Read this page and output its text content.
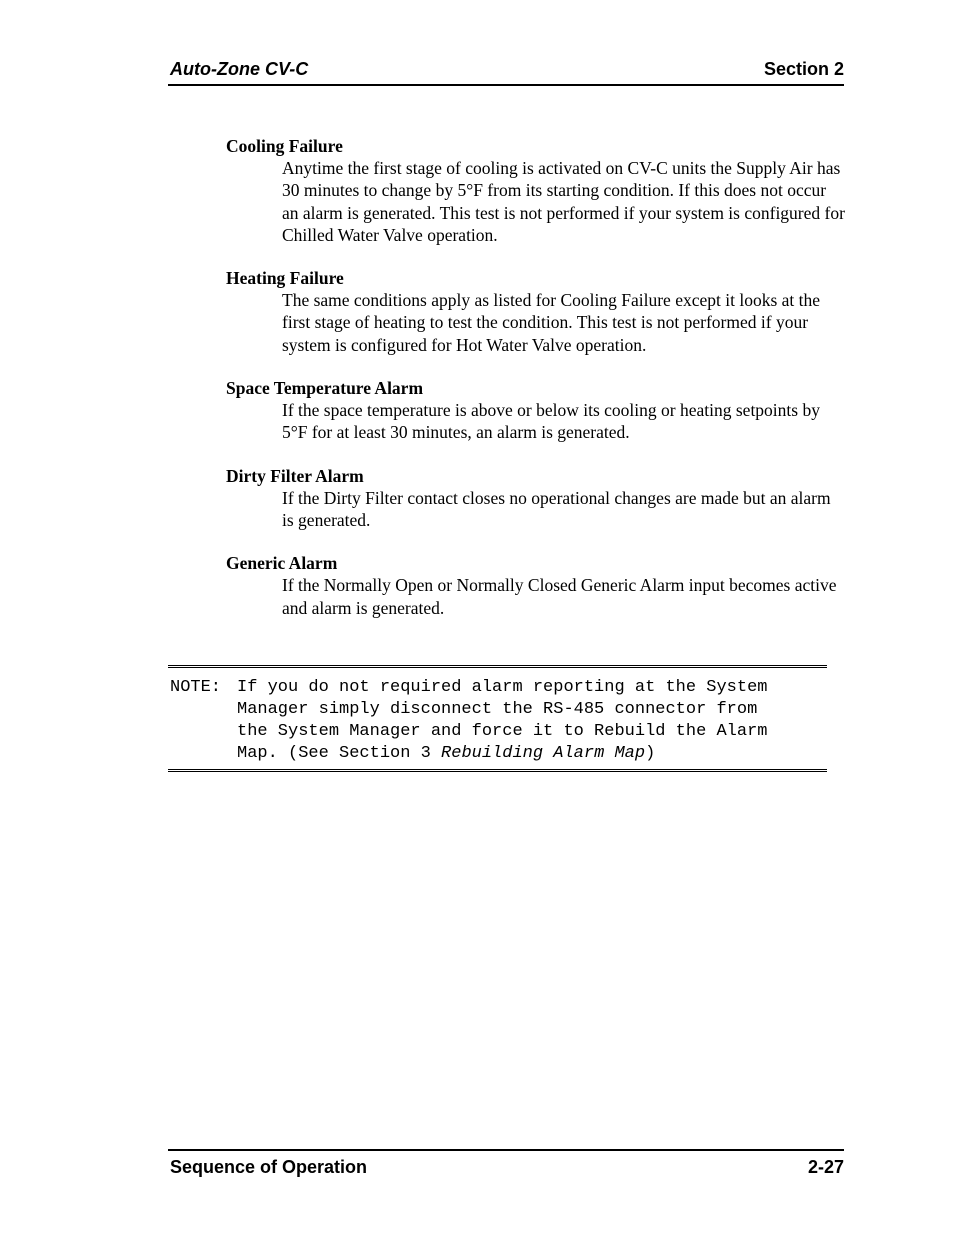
Auto-Zone CV-C	Section 2
Cooling Failure

Anytime the first stage of cooling is activated on CV-C units the Supply Air has 30 minutes to change by 5°F from its starting condition. If this does not occur an alarm is generated. This test is not performed if your system is configured for Chilled Water Valve operation.

Heating Failure

The same conditions apply as listed for Cooling Failure except it looks at the first stage of heating to test the condition. This test is not performed if your system is configured for Hot Water Valve operation.

Space Temperature Alarm

If the space temperature is above or below its cooling or heating setpoints by 5°F for at least 30 minutes, an alarm is generated.

Dirty Filter Alarm

If the Dirty Filter contact closes no operational changes are made but an alarm is generated.

Generic Alarm

If the Normally Open or Normally Closed Generic Alarm input becomes active and alarm is generated.

NOTE: If you do not required alarm reporting at the System
Manager simply disconnect the RS-485 connector from
the System Manager and force it to Rebuild the Alarm
Map. (See Section 3 Rebuilding Alarm Map)
Sequence of Operation	2-27
